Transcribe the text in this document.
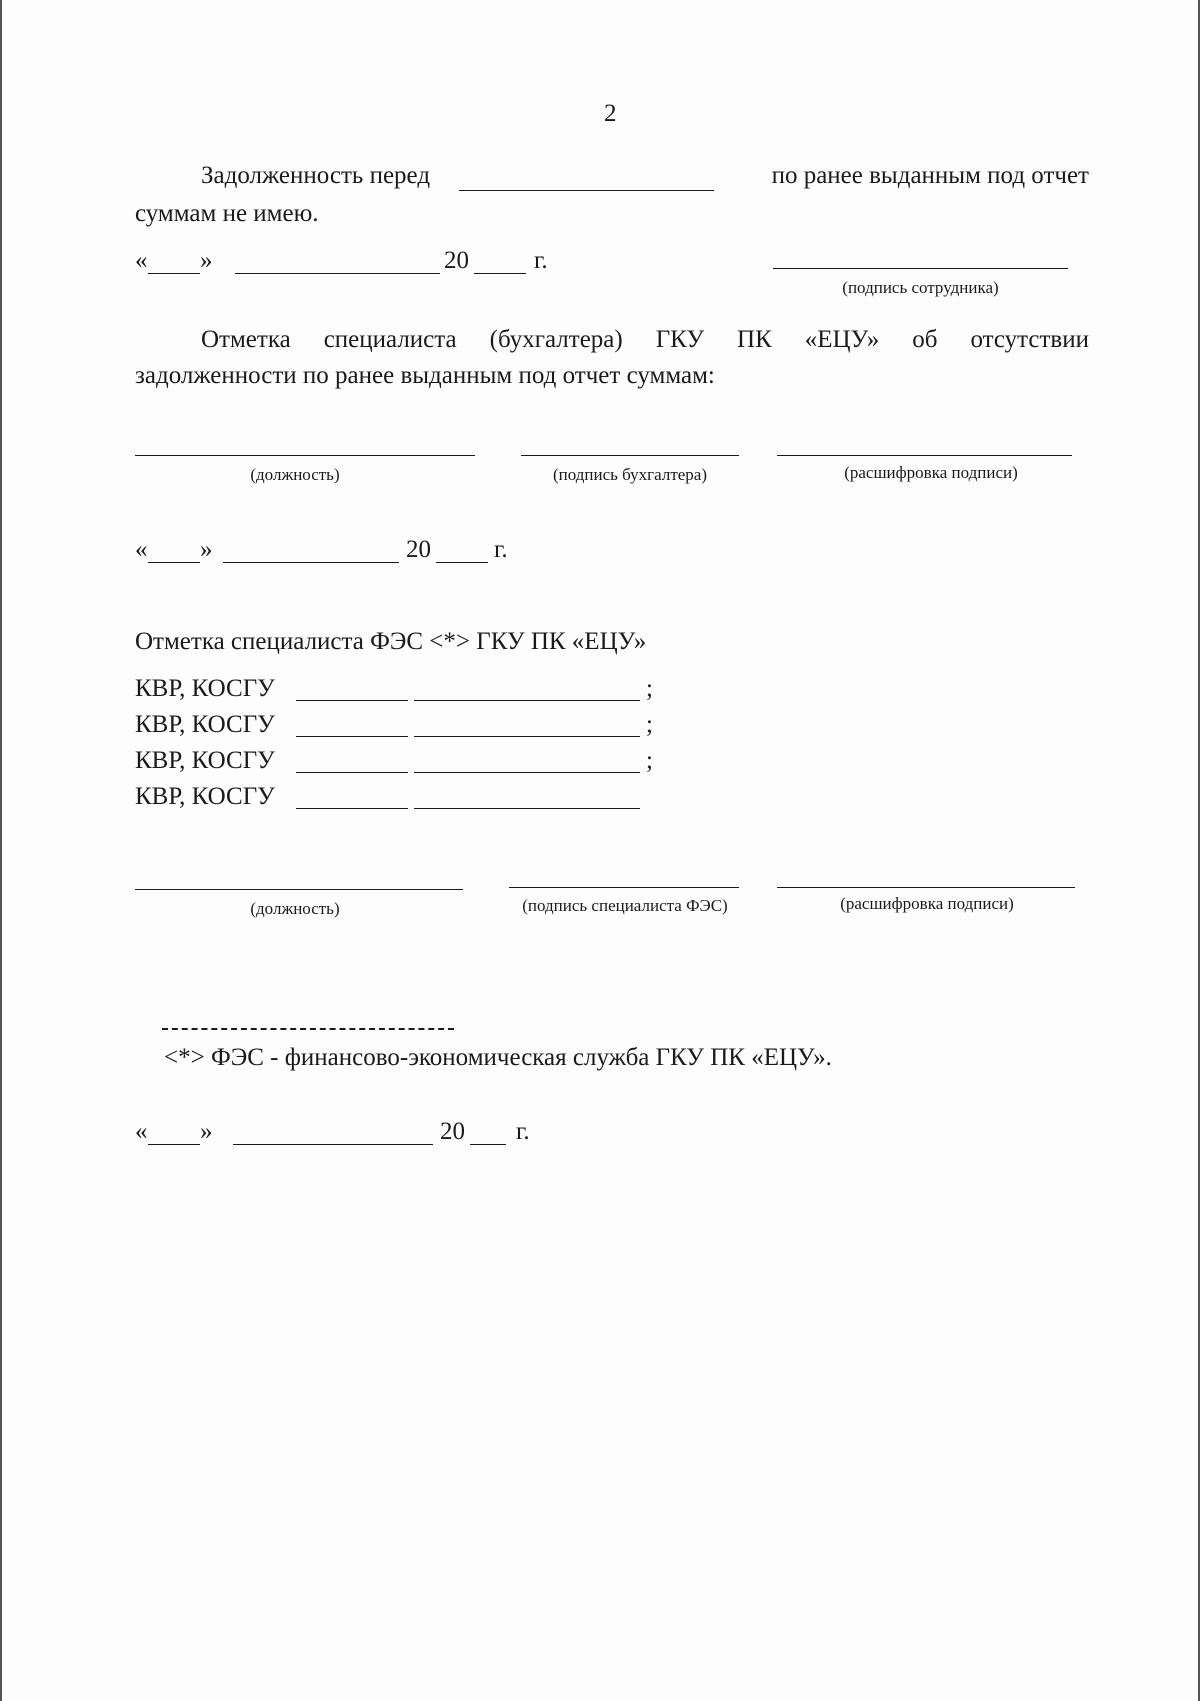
2
Задолженность перед	по ранее выданным под отчет
суммам не имею.
« »	20	г.
(подпись сотрудника)
Отметка специалиста (бухгалтера) ГКУ ПК «ЕЦУ» об отсутствии
задолженности по ранее выданным под отчет суммам:
(должность)	(подпись бухгалтера)	(расшифровка подписи)
« »	20	г.
Отметка специалиста ФЭС <*> ГКУ ПК «ЕЦУ»
КВР, КОСГУ	;
КВР, КОСГУ	;
КВР, КОСГУ	;
КВР, КОСГУ
(должность)	(подпись специалиста ФЭС)	(расшифровка подписи)
<*> ФЭС - финансово-экономическая служба ГКУ ПК «ЕЦУ».
« »	20 г.
